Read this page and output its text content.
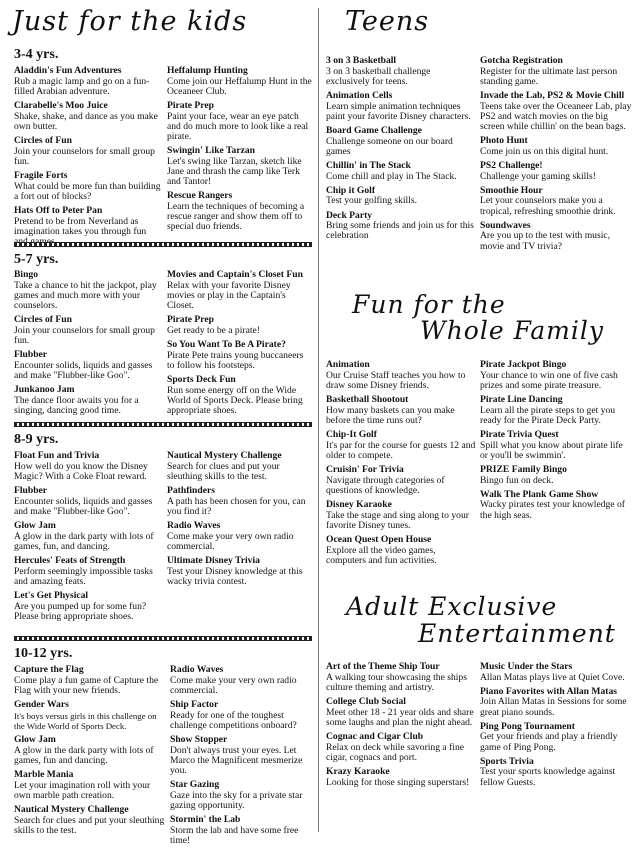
Just for the kids
3-4 yrs.
Aladdin's Fun Adventures
Rub a magic lamp and go on a fun-filled Arabian adventure.
Clarabelle's Moo Juice
Shake, shake, and dance as you make own butter.
Circles of Fun
Join your counselors for small group fun.
Fragile Forts
What could be more fun than building a fort out of blocks?
Hats Off to Peter Pan
Pretend to be from Neverland as imagination takes you through fun
Heffalump Hunting
Come join our Heffalump Hunt in the Oceaneer Club.
Pirate Prep
Paint your face, wear an eye patch and do much more to look like a real pirate.
Swingin' Like Tarzan
Let's swing like Tarzan, sketch like Jane and thrash the camp like Terk and Tantor!
Rescue Rangers
Learn the techniques of becoming a rescue ranger and show them off to special duo friends.
5-7 yrs.
Bingo
Take a chance to hit the jackpot, play games and much more with your counselors.
Circles of Fun
Join your counselors for small group fun.
Flubber
Encounter solids, liquids and gasses and make "Flubber-like Goo".
Junkanoo Jam
The dance floor awaits you for a singing, dancing good time.
Movies and Captain's Closet Fun
Relax with your favorite Disney movies or play in the Captain's Closet.
Pirate Prep
Get ready to be a pirate!
So You Want To Be A Pirate?
Pirate Pete trains young buccaneers to follow his footsteps.
Sports Deck Fun
Run some energy off on the Wide World of Sports Deck. Please bring appropriate shoes.
8-9 yrs.
Float Fun and Trivia
How well do you know the Disney Magic? With a Coke Float reward.
Flubber
Encounter solids, liquids and gasses and make "Flubber-like Goo".
Glow Jam
A glow in the dark party with lots of games, fun, and dancing.
Hercules' Feats of Strength
Perform seemingly impossible tasks and amazing feats.
Let's Get Physical
Are you pumped up for some fun? Please bring appropriate shoes.
Nautical Mystery Challenge
Search for clues and put your sleuthing skills to the test.
Pathfinders
A path has been chosen for you, can you find it?
Radio Waves
Come make your very own radio commercial.
Ultimate Disney Trivia
Test your Disney knowledge at this wacky trivia contest.
10-12 yrs.
Capture the Flag
Come play a fun game of Capture the Flag with your new friends.
Gender Wars
It's boys versus girls in this challenge on the Wide World of Sports Deck.
Glow Jam
A glow in the dark party with lots of games, fun and dancing.
Marble Mania
Let your imagination roll with your own marble path creation.
Nautical Mystery Challenge
Search for clues and put your sleuthing skills to the test.
Radio Waves
Come make your very own radio commercial.
Ship Factor
Ready for one of the toughest challenge competitions onboard?
Show Stopper
Don't always trust your eyes. Let Marco the Magnificent mesmerize you.
Star Gazing
Gaze into the sky for a private star gazing opportunity.
Stormin' the Lab
Storm the lab and have some free time!
Teens
3 on 3 Basketball
3 on 3 basketball challenge exclusively for teens.
Animation Cells
Learn simple animation techniques paint your favorite Disney characters.
Board Game Challenge
Challenge someone on our board games
Chillin' in The Stack
Come chill and play in The Stack.
Chip it Golf
Test your golfing skills.
Deck Party
Bring some friends and join us for this celebration
Gotcha Registration
Register for the ultimate last person standing game.
Invade the Lab, PS2 & Movie Chill
Teens take over the Oceaneer Lab, play PS2 and watch movies on the big screen while chillin' on the bean bags.
Photo Hunt
Come join us on this digital hunt.
PS2 Challenge!
Challenge your gaming skills!
Smoothie Hour
Let your counselors make you a tropical, refreshing smoothie drink.
Soundwaves
Are you up to the test with music, movie and TV trivia?
Fun for the
Whole Family
Animation
Our Cruise Staff teaches you how to draw some Disney friends.
Basketball Shootout
How many baskets can you make before the time runs out?
Chip-It Golf
It's par for the course for guests 12 and older to compete.
Cruisin' For Trivia
Navigate through categories of questions of knowledge.
Disney Karaoke
Take the stage and sing along to your favorite Disney tunes.
Ocean Quest Open House
Explore all the video games, computers and fun activities.
Pirate Jackpot Bingo
Your chance to win one of five cash prizes and some pirate treasure.
Pirate Line Dancing
Learn all the pirate steps to get you ready for the Pirate Deck Party.
Pirate Trivia Quest
Spill what you know about pirate life or you'll be swimmin'.
PRIZE Family Bingo
Bingo fun on deck.
Walk The Plank Game Show
Wacky pirates test your knowledge of the high seas.
Adult Exclusive
Entertainment
Art of the Theme Ship Tour
A walking tour showcasing the ships culture theming and artistry.
College Club Social
Meet other 18 - 21 year olds and share some laughs and plan the night ahead.
Cognac and Cigar Club
Relax on deck while savoring a fine cigar, cognacs and port.
Krazy Karaoke
Looking for those singing superstars!
Music Under the Stars
Allan Matas plays live at Quiet Cove.
Piano Favorites with Allan Matas
Join Allan Matas in Sessions for some great piano sounds.
Ping Pong Tournament
Get your friends and play a friendly game of Ping Pong.
Sports Trivia
Test your sports knowledge against fellow Guests.
